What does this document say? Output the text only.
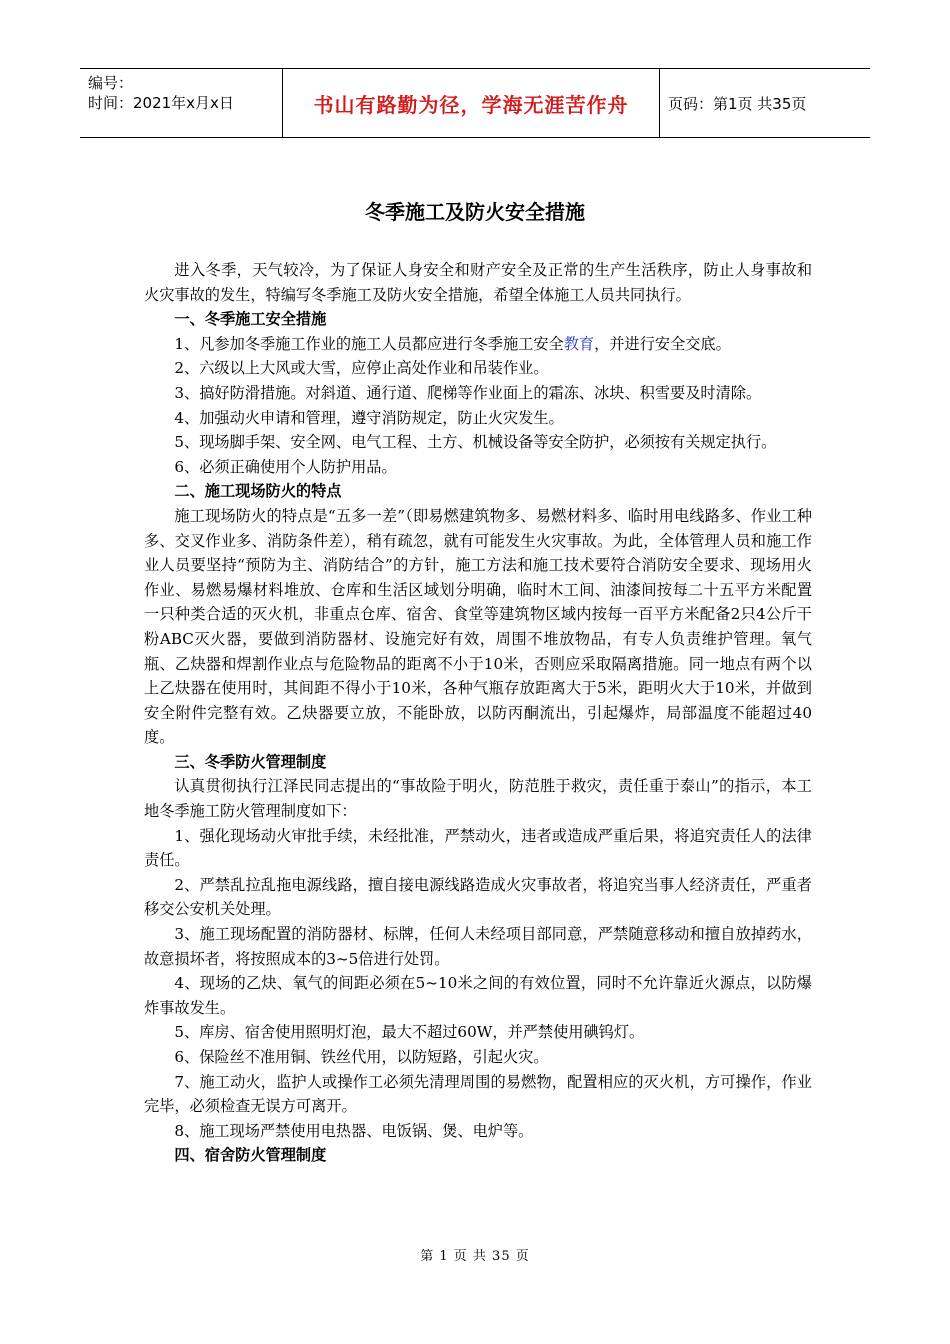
编号：
时间：2021年x月x日	书山有路勤为径，学海无涯苦作舟	页码：第1页 共35页
冬季施工及防火安全措施

进入冬季，天气较冷，为了保证人身安全和财产安全及正常的生产生活秩序，防止人身事故和火灾事故的发生，特编写冬季施工及防火安全措施，希望全体施工人员共同执行。

一、冬季施工安全措施

1、凡参加冬季施工作业的施工人员都应进行冬季施工安全教育，并进行安全交底。

2、六级以上大风或大雪，应停止高处作业和吊装作业。

3、搞好防滑措施。对斜道、通行道、爬梯等作业面上的霜冻、冰块、积雪要及时清除。

4、加强动火申请和管理，遵守消防规定，防止火灾发生。

5、现场脚手架、安全网、电气工程、土方、机械设备等安全防护，必须按有关规定执行。

6、必须正确使用个人防护用品。

二、施工现场防火的特点

施工现场防火的特点是“五多一差”（即易燃建筑物多、易燃材料多、临时用电线路多、作业工种多、交叉作业多、消防条件差），稍有疏忽，就有可能发生火灾事故。为此，全体管理人员和施工作业人员要坚持“预防为主、消防结合”的方针，施工方法和施工技术要符合消防安全要求、现场用火作业、易燃易爆材料堆放、仓库和生活区域划分明确，临时木工间、油漆间按每二十五平方米配置一只种类合适的灭火机，非重点仓库、宿舍、食堂等建筑物区域内按每一百平方米配备2只4公斤干粉ABC灭火器，要做到消防器材、设施完好有效，周围不堆放物品，有专人负责维护管理。氧气瓶、乙炔器和焊割作业点与危险物品的距离不小于10米，否则应采取隔离措施。同一地点有两个以上乙炔器在使用时，其间距不得小于10米，各种气瓶存放距离大于5米，距明火大于10米，并做到安全附件完整有效。乙炔器要立放，不能卧放，以防丙酮流出，引起爆炸，局部温度不能超过40度。

三、冬季防火管理制度

认真贯彻执行江泽民同志提出的“事故险于明火，防范胜于救灾，责任重于泰山”的指示，本工地冬季施工防火管理制度如下：

1、强化现场动火审批手续，未经批准，严禁动火，违者或造成严重后果，将追究责任人的法律责任。

2、严禁乱拉乱拖电源线路，擅自接电源线路造成火灾事故者，将追究当事人经济责任，严重者移交公安机关处理。

3、施工现场配置的消防器材、标牌，任何人未经项目部同意，严禁随意移动和擅自放掉药水，故意损坏者，将按照成本的3~5倍进行处罚。

4、现场的乙炔、氧气的间距必须在5~10米之间的有效位置，同时不允许靠近火源点，以防爆炸事故发生。

5、库房、宿舍使用照明灯泡，最大不超过60W，并严禁使用碘钨灯。

6、保险丝不准用铜、铁丝代用，以防短路，引起火灾。

7、施工动火，监护人或操作工必须先清理周围的易燃物，配置相应的灭火机，方可操作，作业完毕，必须检查无误方可离开。

8、施工现场严禁使用电热器、电饭锅、煲、电炉等。

四、宿舍防火管理制度

第 1 页 共 35 页
